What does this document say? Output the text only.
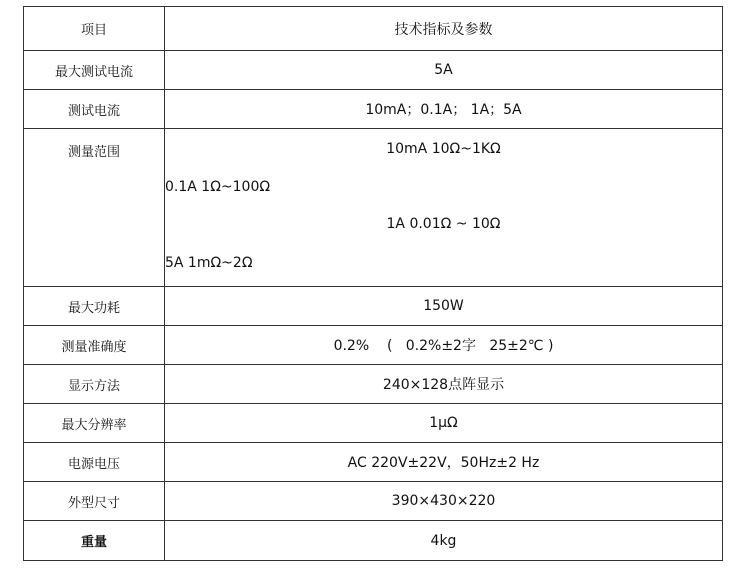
项目	技术指标及参数
最大测试电流	5A
测试电流	10mA；0.1A； 1A；5A

测量范围	10mA 10Ω~1KΩ
0.1A 1Ω~100Ω
1A 0.01Ω ~ 10Ω
5A 1mΩ~2Ω

最大功耗	150W
测量准确度	0.2%    (   0.2%±2字   25±2℃ )
显示方法	240×128点阵显示
最大分辨率	1μΩ
电源电压	AC 220V±22V，50Hz±2 Hz
外型尺寸	390×430×220
重量	4kg
